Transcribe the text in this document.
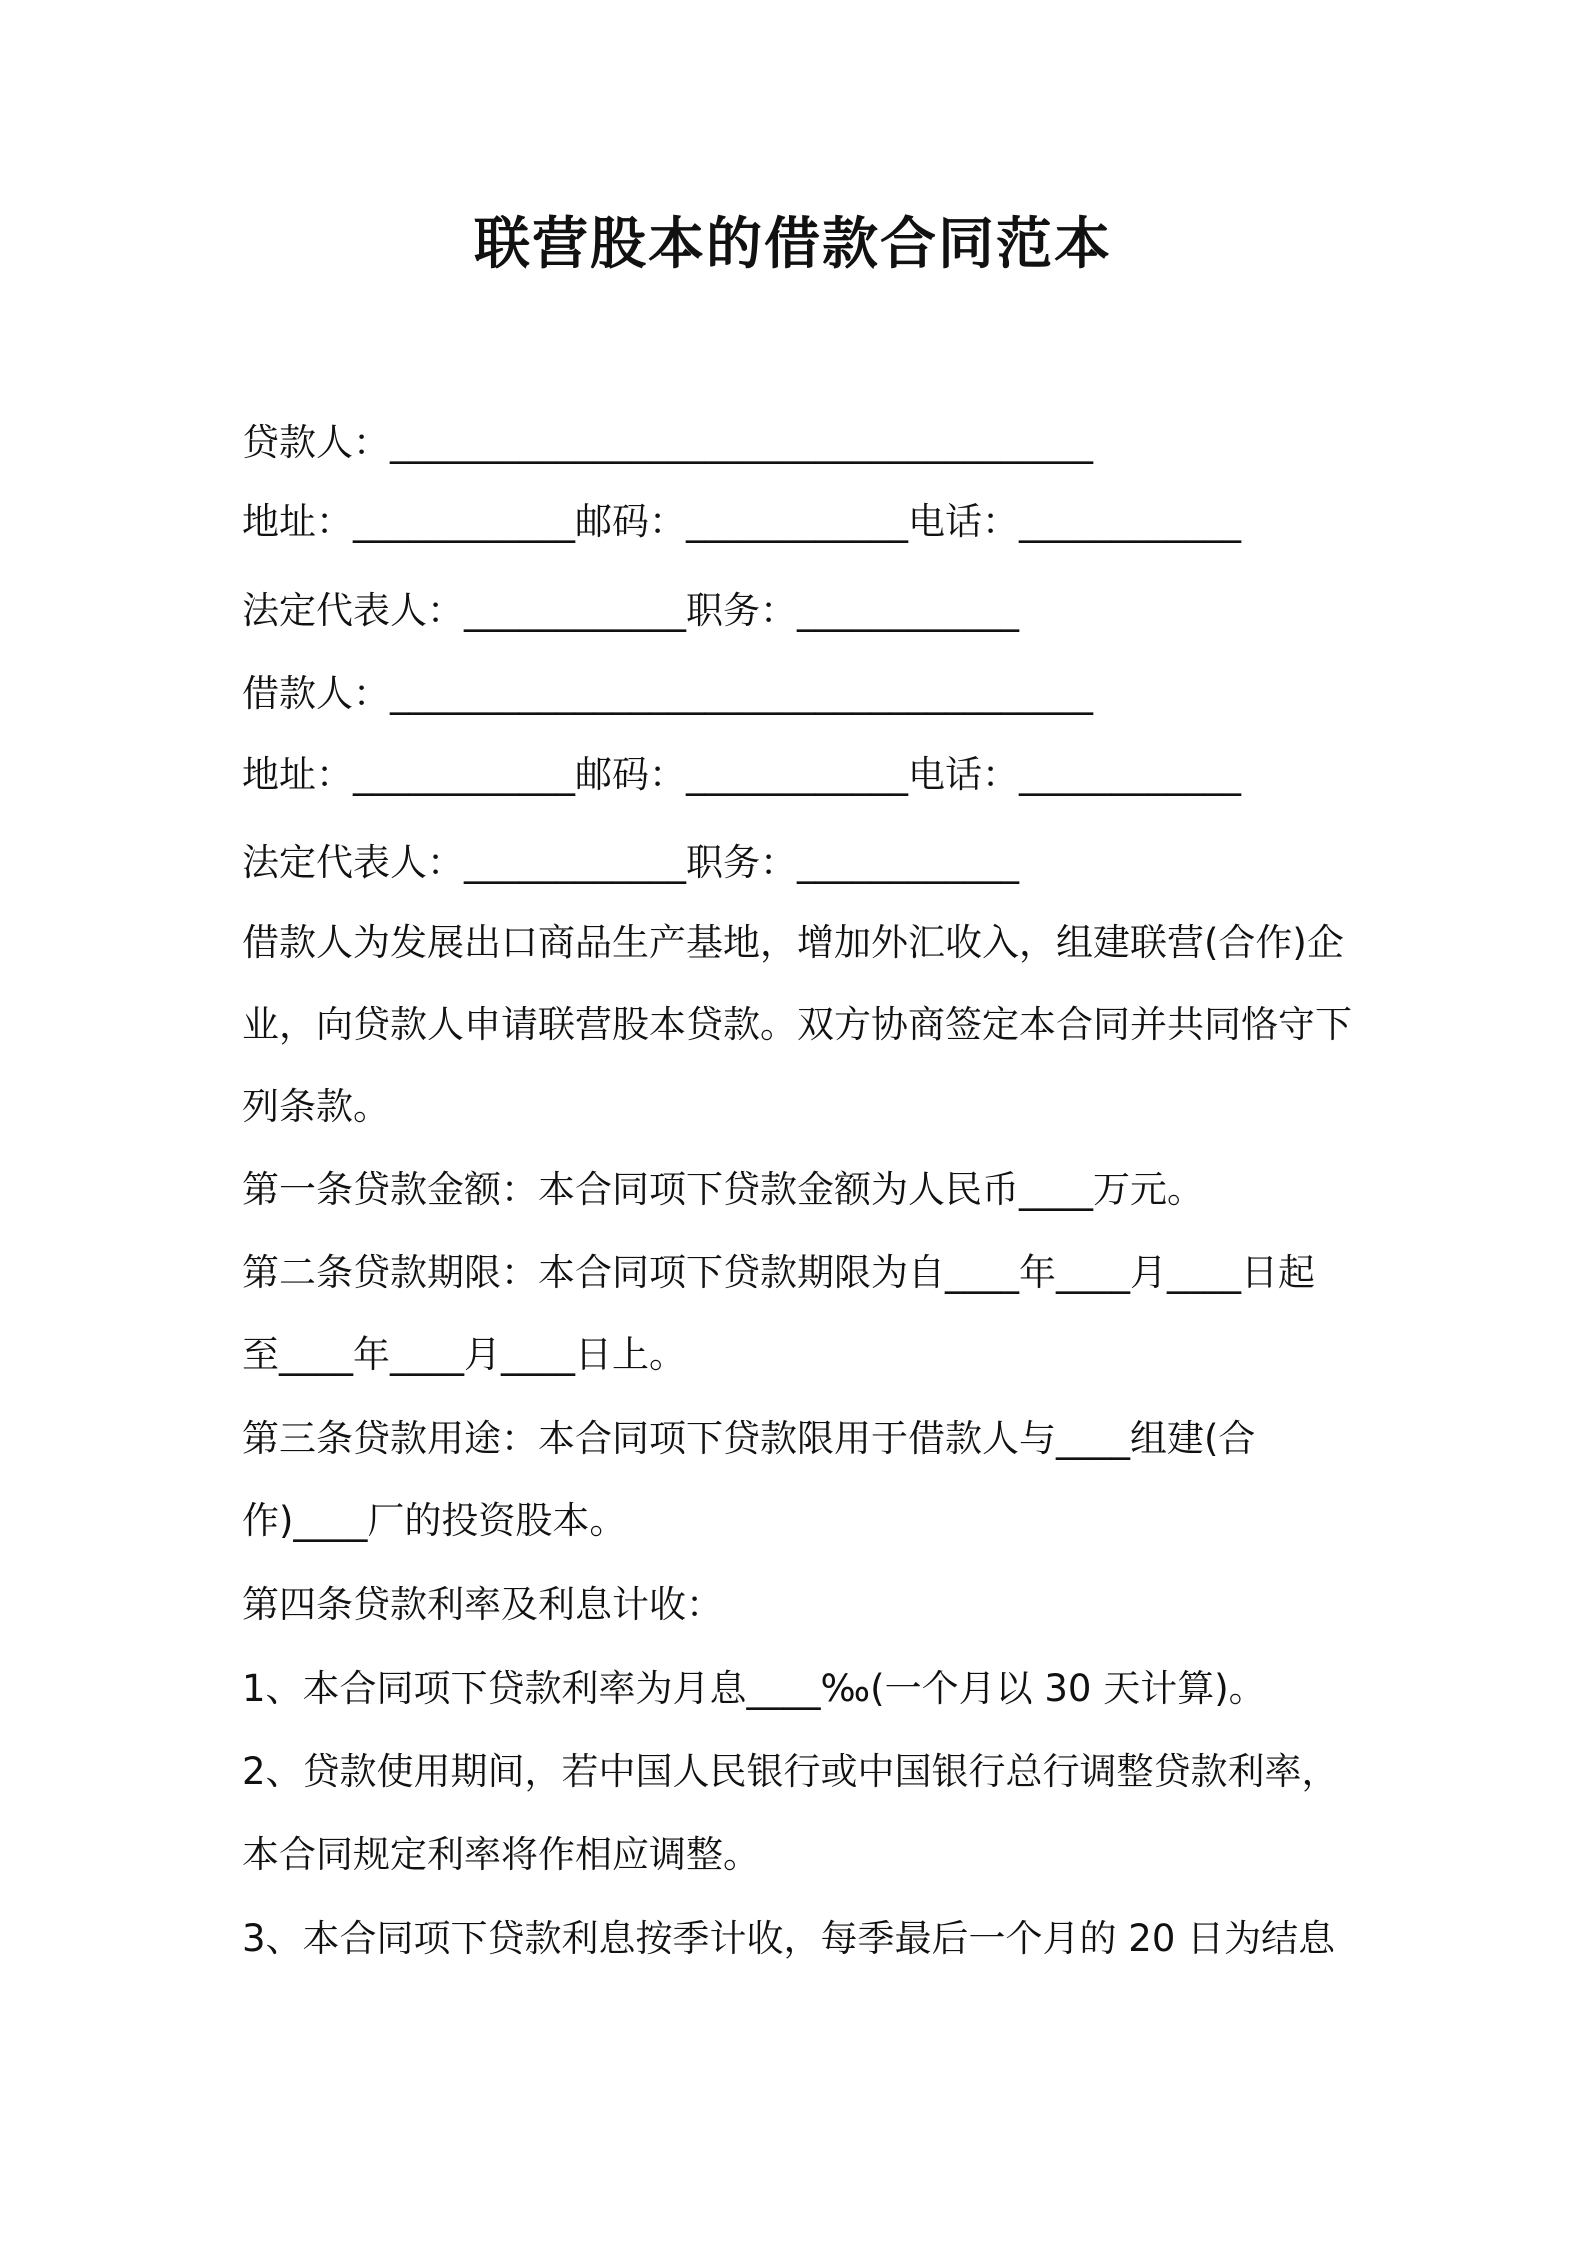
联营股本的借款合同范本

贷款人：______________________________________

地址：____________邮码：____________电话：____________

法定代表人：____________职务：____________

借款人：______________________________________

地址：____________邮码：____________电话：____________

法定代表人：____________职务：____________

借款人为发展出口商品生产基地，增加外汇收入，组建联营(合作)企

业，向贷款人申请联营股本贷款。双方协商签定本合同并共同恪守下

列条款。

第一条贷款金额：本合同项下贷款金额为人民币____万元。

第二条贷款期限：本合同项下贷款期限为自____年____月____日起

至____年____月____日上。

第三条贷款用途：本合同项下贷款限用于借款人与____组建(合

作)____厂的投资股本。

第四条贷款利率及利息计收：

1、本合同项下贷款利率为月息____‰(一个月以 30 天计算)。

2、贷款使用期间，若中国人民银行或中国银行总行调整贷款利率，

本合同规定利率将作相应调整。

3、本合同项下贷款利息按季计收，每季最后一个月的 20 日为结息
